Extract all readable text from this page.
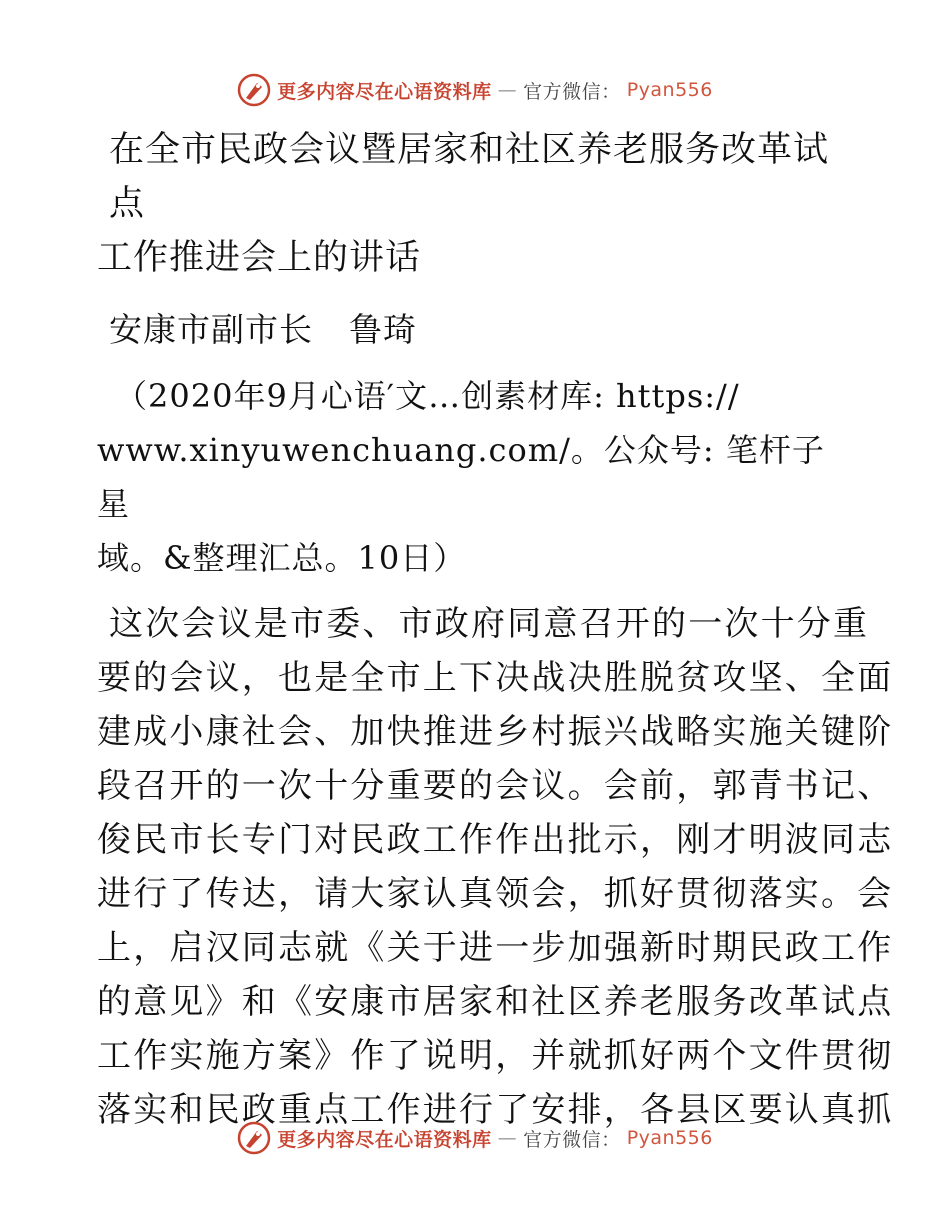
更多内容尽在心语资料库 — 官方微信： Pyan556
在全市民政会议暨居家和社区养老服务改革试点
工作推进会上的讲话
安康市副市长 鲁琦
（2020年9月心语′文…创素材库: https://
www.xinyuwenchuang.com/。公众号: 笔杆子星
域。&整理汇总。10日）
这次会议是市委、市政府同意召开的一次十分重
要的会议，也是全市上下决战决胜脱贫攻坚、全面
建成小康社会、加快推进乡村振兴战略实施关键阶
段召开的一次十分重要的会议。会前，郭青书记、
俊民市长专门对民政工作作出批示，刚才明波同志
进行了传达，请大家认真领会，抓好贯彻落实。会
上，启汉同志就《关于进一步加强新时期民政工作
的意见》和《安康市居家和社区养老服务改革试点
工作实施方案》作了说明，并就抓好两个文件贯彻
落实和民政重点工作进行了安排，各县区要认真抓
更多内容尽在心语资料库 — 官方微信： Pyan556
